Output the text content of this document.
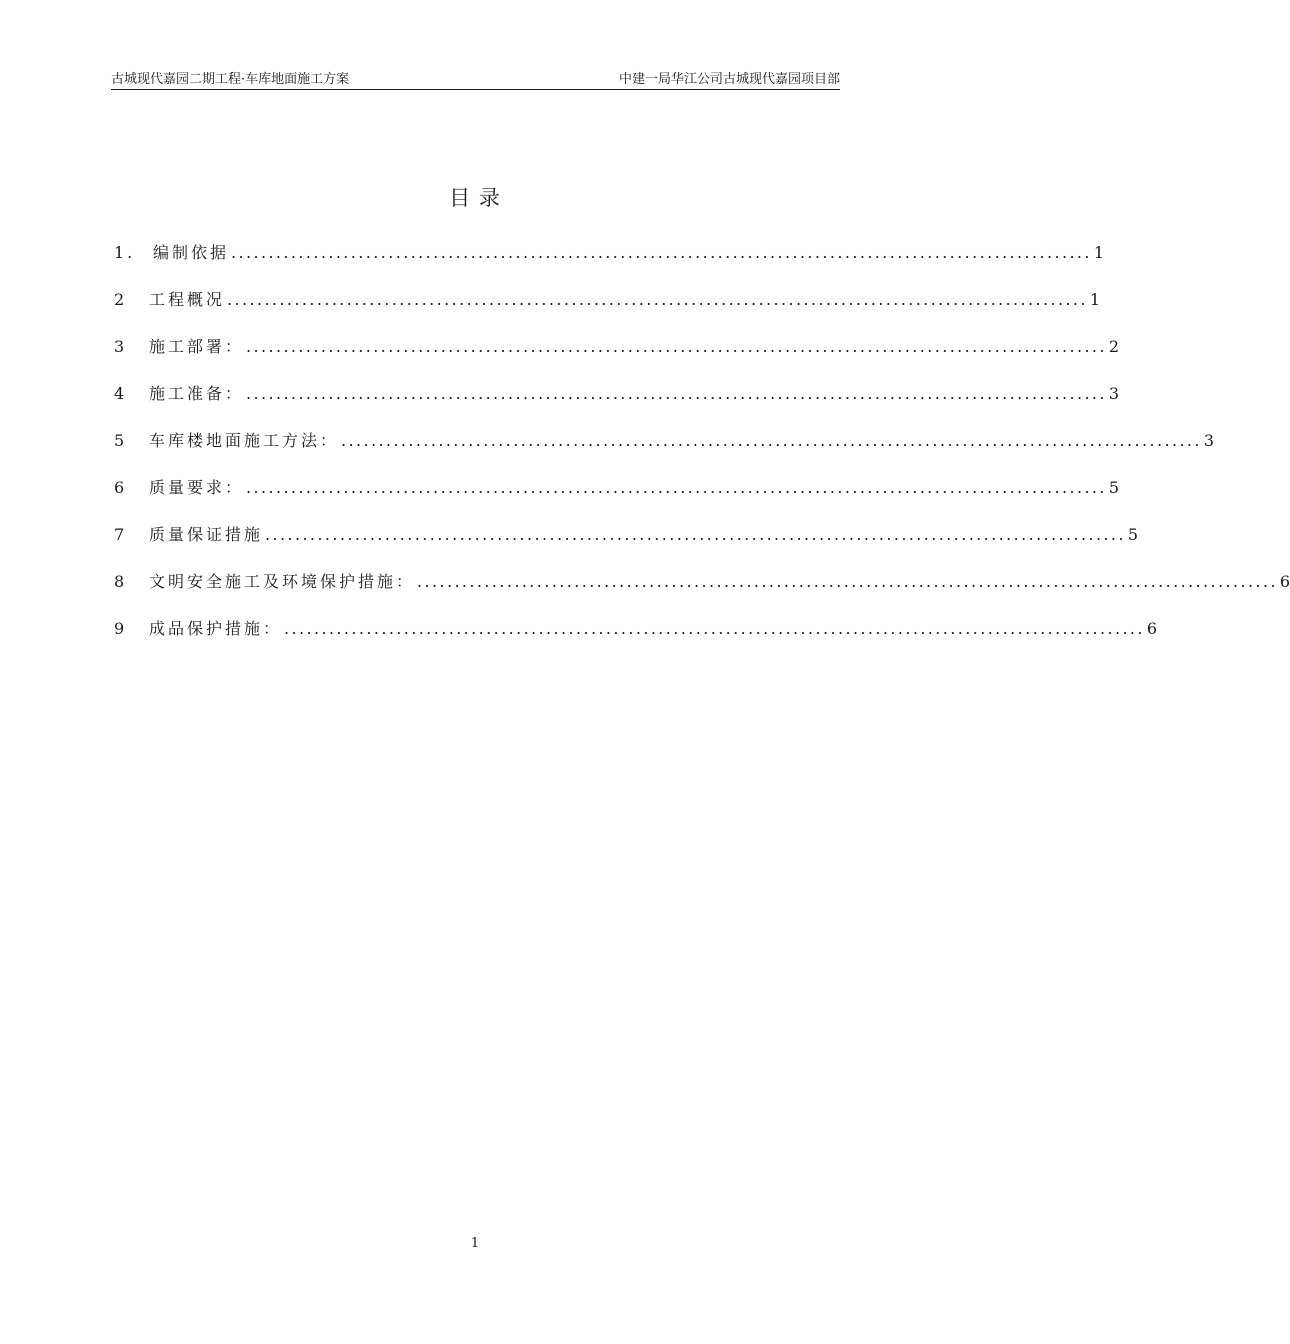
古城现代嘉园二期工程·车库地面施工方案	中建一局华江公司古城现代嘉园项目部
目 录
1.	编制依据 ................................................................................................................... 1
2	工程概况 ................................................................................................................... 1
3	施工部署： ................................................................................................................... 2
4	施工准备： ................................................................................................................... 3
5	车库楼地面施工方法： ................................................................................................................... 3
6	质量要求： ................................................................................................................... 5
7	质量保证措施 ................................................................................................................... 5
8	文明安全施工及环境保护措施： ................................................................................................................... 6
9	成品保护措施： ................................................................................................................... 6
1
